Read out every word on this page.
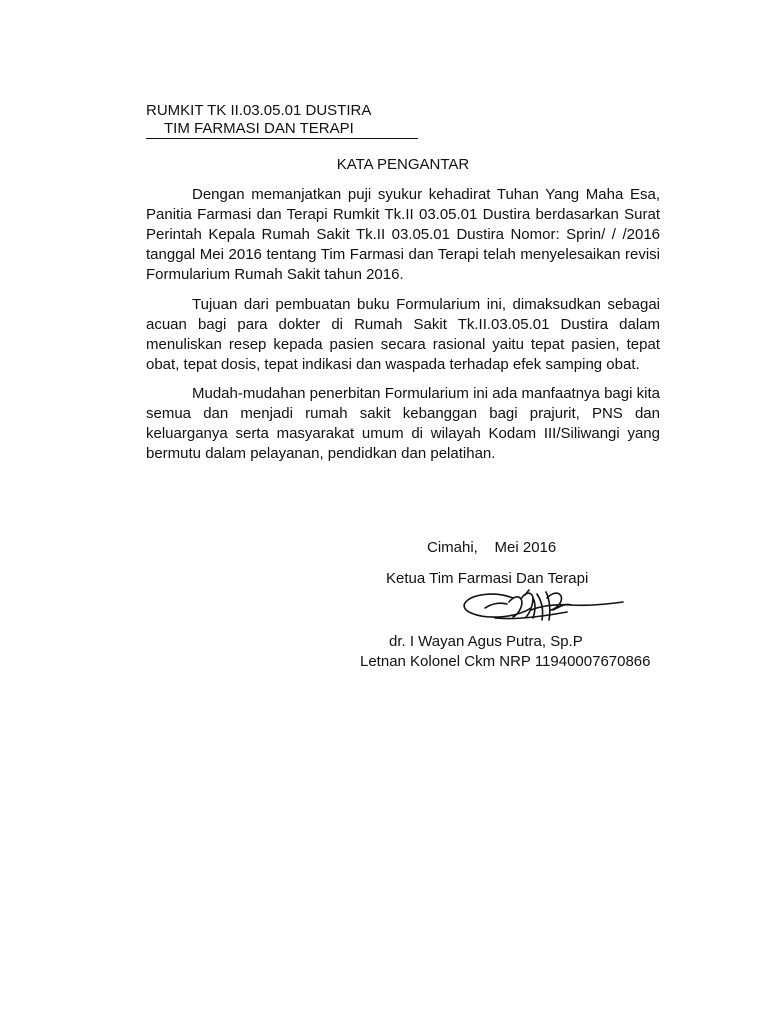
RUMKIT TK II.03.05.01 DUSTIRA
TIM FARMASI DAN TERAPI
KATA PENGANTAR

Dengan memanjatkan puji syukur kehadirat Tuhan Yang Maha Esa, Panitia Farmasi dan Terapi Rumkit Tk.II 03.05.01 Dustira berdasarkan Surat Perintah Kepala Rumah Sakit Tk.II 03.05.01 Dustira Nomor: Sprin/ / /2016 tanggal Mei 2016 tentang Tim Farmasi dan Terapi telah menyelesaikan revisi Formularium Rumah Sakit tahun 2016.

Tujuan dari pembuatan buku Formularium ini, dimaksudkan sebagai acuan bagi para dokter di Rumah Sakit Tk.II.03.05.01 Dustira dalam menuliskan resep kepada pasien secara rasional yaitu tepat pasien, tepat obat, tepat dosis, tepat indikasi dan waspada terhadap efek samping obat.

Mudah-mudahan penerbitan Formularium ini ada manfaatnya bagi kita semua dan menjadi rumah sakit kebanggan bagi prajurit, PNS dan keluarganya serta masyarakat umum di wilayah Kodam III/Siliwangi yang bermutu dalam pelayanan, pendidkan dan pelatihan.

Cimahi,    Mei 2016
Ketua Tim Farmasi Dan Terapi
dr. I Wayan Agus Putra, Sp.P
Letnan Kolonel Ckm NRP 11940007670866
